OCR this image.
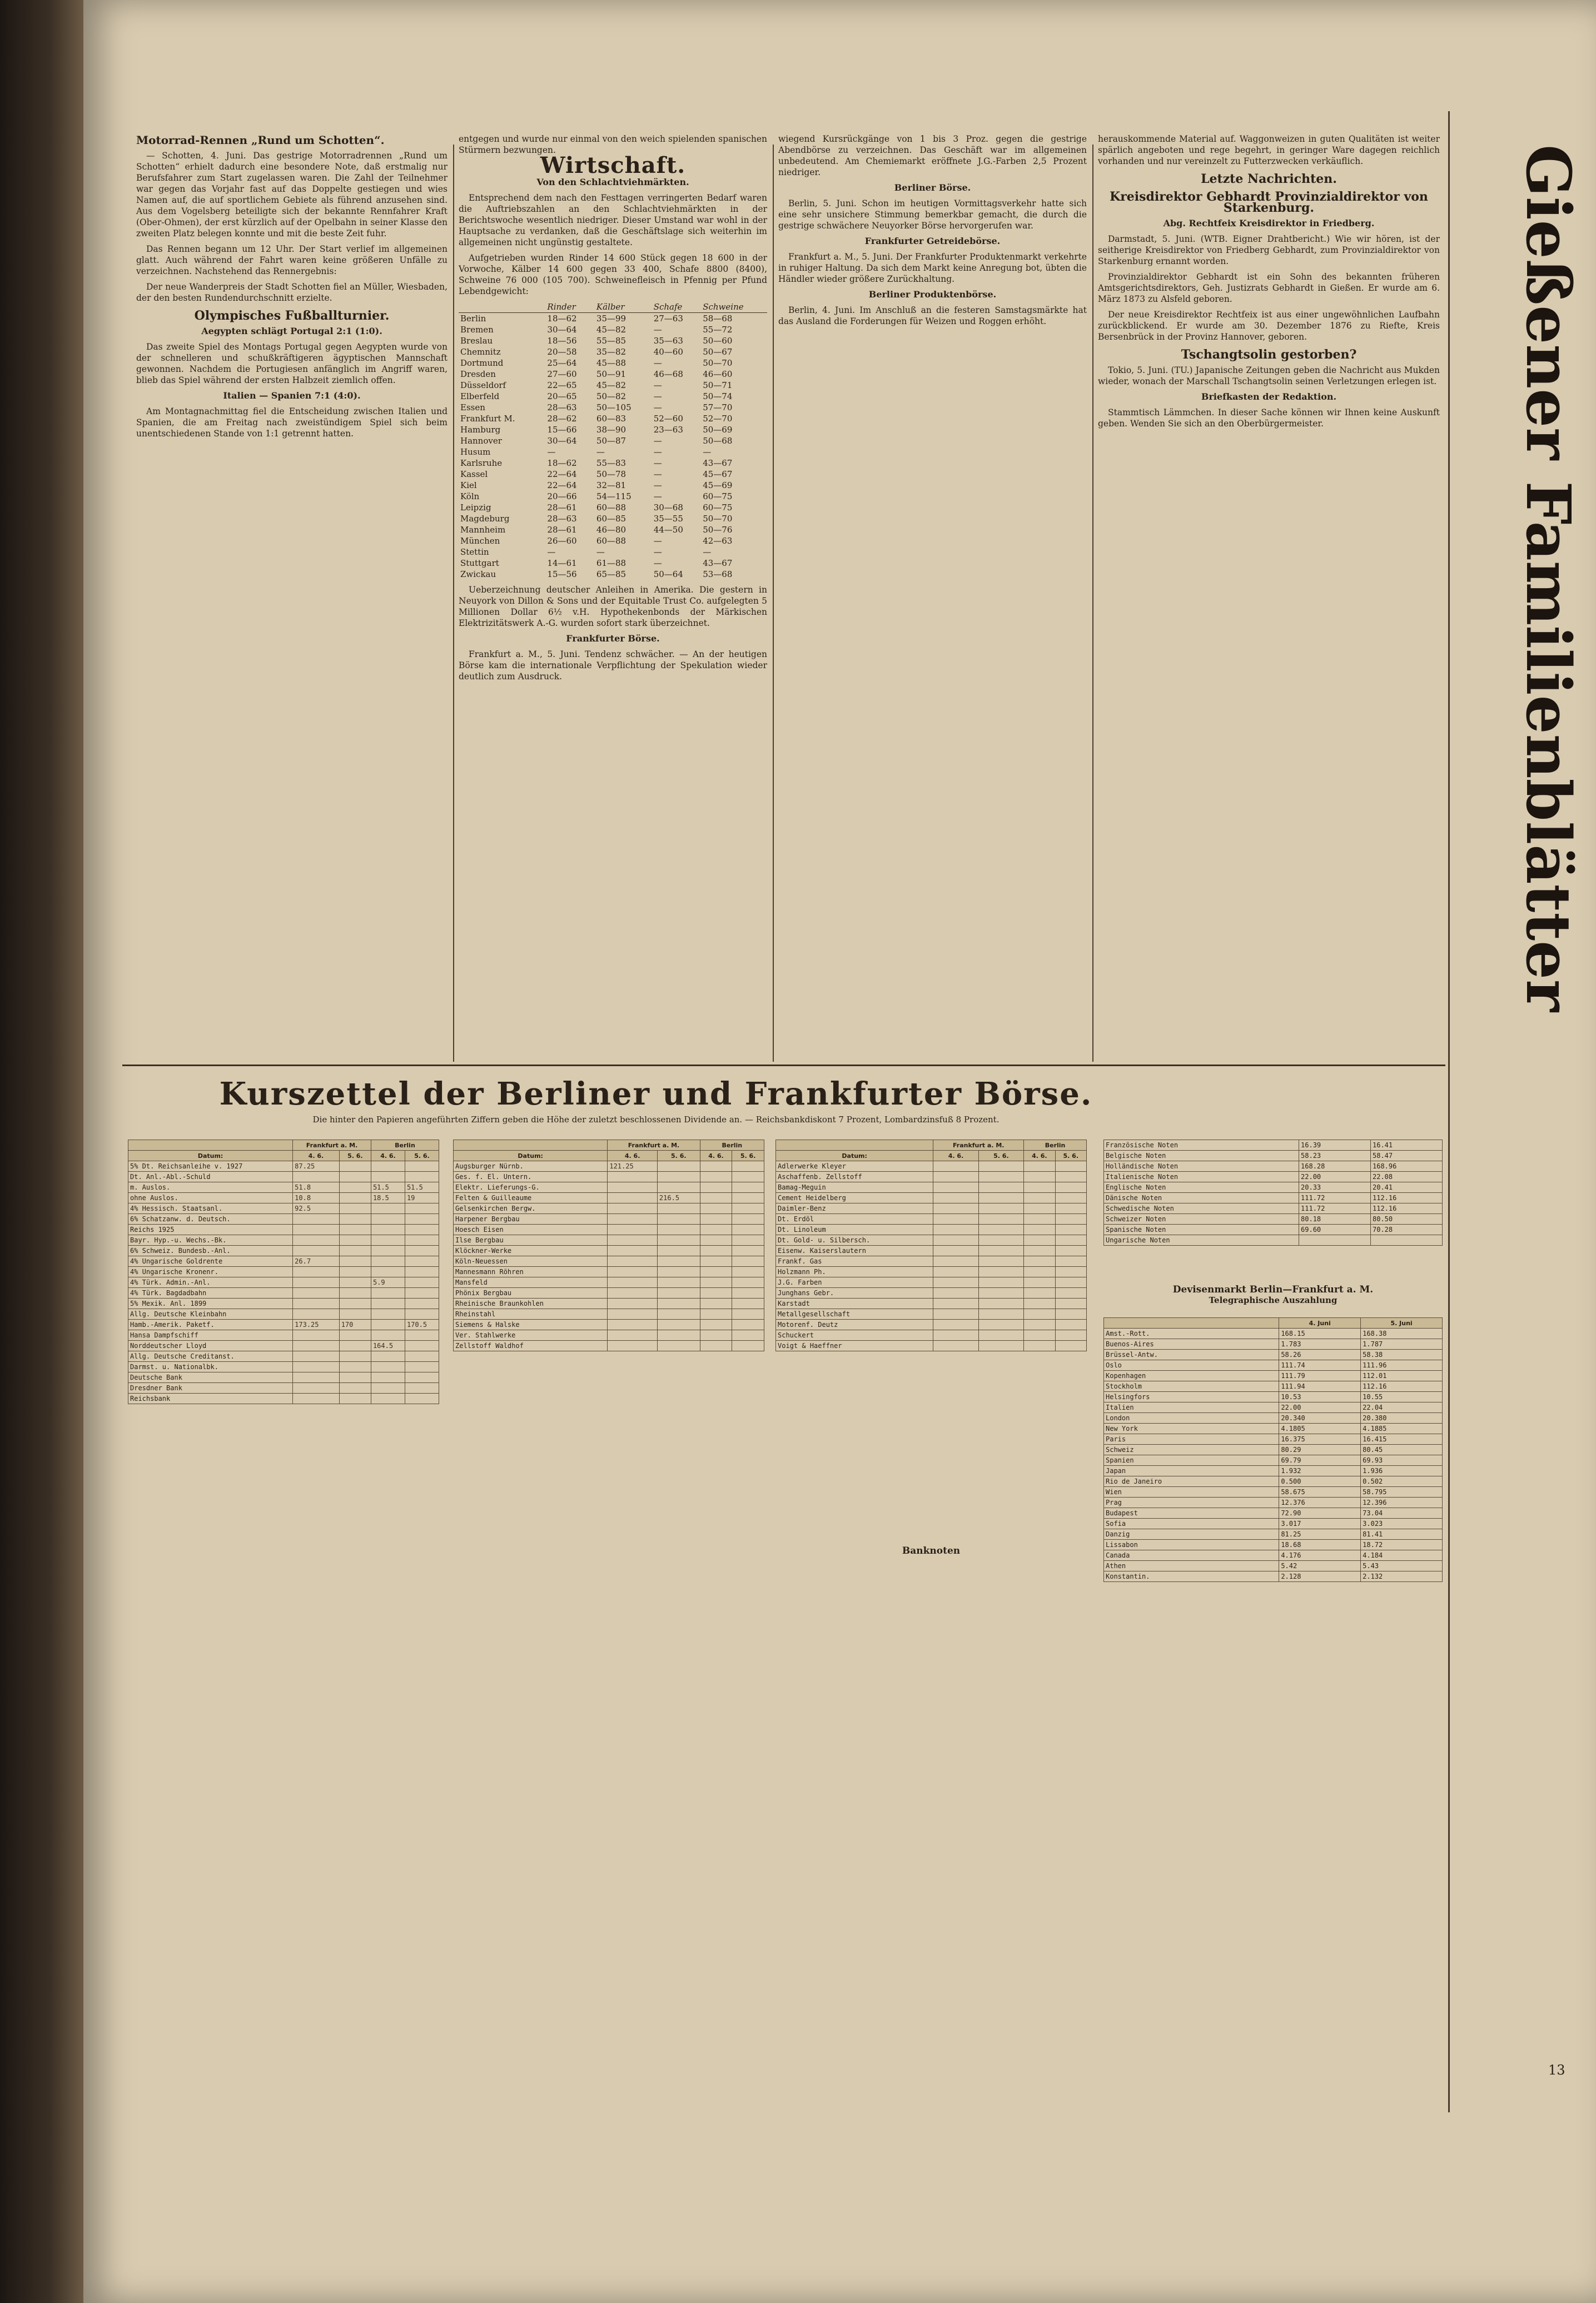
Motorrad-Rennen „Rund um Schotten“.

— Schotten, 4. Juni. Das gestrige Motorradrennen „Rund um Schotten“ erhielt dadurch eine besondere Note, daß erstmalig nur Berufsfahrer zum Start zugelassen waren. Die Zahl der Teilnehmer war gegen das Vorjahr fast auf das Doppelte gestiegen und wies Namen auf, die auf sportlichem Gebiete als führend anzusehen sind. Aus dem Vogelsberg beteiligte sich der bekannte Rennfahrer Kraft (Ober-Ohmen), der erst kürzlich auf der Opelbahn in seiner Klasse den zweiten Platz belegen konnte und mit die beste Zeit fuhr.

Das Rennen begann um 12 Uhr. Der Start verlief im allgemeinen glatt. Auch während der Fahrt waren keine größeren Unfälle zu verzeichnen. Nachstehend das Rennergebnis:

Der neue Wanderpreis der Stadt Schotten fiel an Müller, Wiesbaden, der den besten Rundendurchschnitt erzielte.

Olympisches Fußballturnier.
Aegypten schlägt Portugal 2:1 (1:0).

Das zweite Spiel des Montags Portugal gegen Aegypten wurde von der schnelleren und schußkräftigeren ägyptischen Mannschaft gewonnen. Nachdem die Portugiesen anfänglich im Angriff waren, blieb das Spiel während der ersten Halbzeit ziemlich offen.

Italien — Spanien 7:1 (4:0).

Am Montagnachmittag fiel die Entscheidung zwischen Italien und Spanien, die am Freitag nach zweistündigem Spiel sich beim unentschiedenen Stande von 1:1 getrennt hatten.

entgegen und wurde nur einmal von den weich spielenden spanischen Stürmern bezwungen.

Wirtschaft.
Von den Schlachtviehmärkten.

Entsprechend dem nach den Festtagen verringerten Bedarf waren die Auftriebszahlen an den Schlachtviehmärkten in der Berichtswoche wesentlich niedriger. Dieser Umstand war wohl in der Hauptsache zu verdanken, daß die Geschäftslage sich weiterhin im allgemeinen nicht ungünstig gestaltete.

Aufgetrieben wurden Rinder 14 600 Stück gegen 18 600 in der Vorwoche, Kälber 14 600 gegen 33 400, Schafe 8800 (8400), Schweine 76 000 (105 700). Schweinefleisch in Pfennig per Pfund Lebendgewicht:

	Rinder	Kälber	Schafe	Schweine
Berlin	18—62	35—99	27—63	58—68
Bremen	30—64	45—82	—	55—72
Breslau	18—56	55—85	35—63	50—60
Chemnitz	20—58	35—82	40—60	50—67
Dortmund	25—64	45—88	—	50—70
Dresden	27—60	50—91	46—68	46—60
Düsseldorf	22—65	45—82	—	50—71
Elberfeld	20—65	50—82	—	50—74
Essen	28—63	50—105	—	57—70
Frankfurt M.	28—62	60—83	52—60	52—70
Hamburg	15—66	38—90	23—63	50—69
Hannover	30—64	50—87	—	50—68
Husum	—	—	—	—
Karlsruhe	18—62	55—83	—	43—67
Kassel	22—64	50—78	—	45—67
Kiel	22—64	32—81	—	45—69
Köln	20—66	54—115	—	60—75
Leipzig	28—61	60—88	30—68	60—75
Magdeburg	28—63	60—85	35—55	50—70
Mannheim	28—61	46—80	44—50	50—76
München	26—60	60—88	—	42—63
Stettin	—	—	—	—
Stuttgart	14—61	61—88	—	43—67
Zwickau	15—56	65—85	50—64	53—68

Ueberzeichnung deutscher Anleihen in Amerika. Die gestern in Neuyork von Dillon & Sons und der Equitable Trust Co. aufgelegten 5 Millionen Dollar 6½ v.H. Hypothekenbonds der Märkischen Elektrizitätswerk A.-G. wurden sofort stark überzeichnet.

Frankfurter Börse.

Frankfurt a. M., 5. Juni. Tendenz schwächer. — An der heutigen Börse kam die internationale Verpflichtung der Spekulation wieder deutlich zum Ausdruck.

wiegend Kursrückgänge von 1 bis 3 Proz. gegen die gestrige Abendbörse zu verzeichnen. Das Geschäft war im allgemeinen unbedeutend. Am Chemiemarkt eröffnete J.G.-Farben 2,5 Prozent niedriger.

Berliner Börse.

Berlin, 5. Juni. Schon im heutigen Vormittagsverkehr hatte sich eine sehr unsichere Stimmung bemerkbar gemacht, die durch die gestrige schwächere Neuyorker Börse hervorgerufen war.

Frankfurter Getreidebörse.

Frankfurt a. M., 5. Juni. Der Frankfurter Produktenmarkt verkehrte in ruhiger Haltung. Da sich dem Markt keine Anregung bot, übten die Händler wieder größere Zurückhaltung.

Berliner Produktenbörse.

Berlin, 4. Juni. Im Anschluß an die festeren Samstagsmärkte hat das Ausland die Forderungen für Weizen und Roggen erhöht.

herauskommende Material auf. Waggonweizen in guten Qualitäten ist weiter spärlich angeboten und rege begehrt, in geringer Ware dagegen reichlich vorhanden und nur vereinzelt zu Futterzwecken verkäuflich.

Letzte Nachrichten.
Kreisdirektor Gebhardt Provinzialdirektor von Starkenburg.
Abg. Rechtfeix Kreisdirektor in Friedberg.

Darmstadt, 5. Juni. (WTB. Eigner Drahtbericht.) Wie wir hören, ist der seitherige Kreisdirektor von Friedberg Gebhardt, zum Provinzialdirektor von Starkenburg ernannt worden.

Provinzialdirektor Gebhardt ist ein Sohn des bekannten früheren Amtsgerichtsdirektors, Geh. Justizrats Gebhardt in Gießen. Er wurde am 6. März 1873 zu Alsfeld geboren.

Der neue Kreisdirektor Rechtfeix ist aus einer ungewöhnlichen Laufbahn zurückblickend. Er wurde am 30. Dezember 1876 zu Riefte, Kreis Bersenbrück in der Provinz Hannover, geboren.

Tschangtsolin gestorben?

Tokio, 5. Juni. (TU.) Japanische Zeitungen geben die Nachricht aus Mukden wieder, wonach der Marschall Tschangtsolin seinen Verletzungen erlegen ist.

Briefkasten der Redaktion.

Stammtisch Lämmchen. In dieser Sache können wir Ihnen keine Auskunft geben. Wenden Sie sich an den Oberbürgermeister.

Kurszettel der Berliner und Frankfurter Börse.
Die hinter den Papieren angeführten Ziffern geben die Höhe der zuletzt beschlossenen Dividende an. — Reichsbankdiskont 7 Prozent, Lombardzinsfuß 8 Prozent.
	Frankfurt a. M.		Berlin	
Datum:	4. 6.	5. 6.	4. 6.	5. 6.
5% Dt. Reichsanleihe v. 1927	87.25			
Dt. Anl.-Abl.-Schuld				
m. Auslos.	51.8		51.5	51.5
ohne Auslos.	10.8		18.5	19
4% Hessisch. Staatsanl.	92.5			
6% Schatzanw. d. Deutsch.				
Reichs 1925				
Bayr. Hyp.-u. Wechs.-Bk.				
6% Schweiz. Bundesb.-Anl.				
4% Ungarische Goldrente	26.7			
4% Ungarische Kronenr.				
4% Türk. Admin.-Anl.			5.9	
4% Türk. Bagdadbahn				
5% Mexik. Anl. 1899				
Allg. Deutsche Kleinbahn				
Hamb.-Amerik. Paketf.	173.25	170		170.5
Hansa Dampfschiff				
Norddeutscher Lloyd			164.5	
Allg. Deutsche Creditanst.				
Darmst. u. Nationalbk.				
Deutsche Bank				
Dresdner Bank				
Reichsbank				
	Frankfurt a. M.		Berlin	
Datum:	4. 6.	5. 6.	4. 6.	5. 6.
Augsburger Nürnb.	121.25			
Ges. f. El. Untern.				
Elektr. Lieferungs-G.				
Felten & Guilleaume		216.5		
Gelsenkirchen Bergw.				
Harpener Bergbau				
Hoesch Eisen				
Ilse Bergbau				
Klöckner-Werke				
Köln-Neuessen				
Mannesmann Röhren				
Mansfeld				
Phönix Bergbau				
Rheinische Braunkohlen				
Rheinstahl				
Siemens & Halske				
Ver. Stahlwerke				
Zellstoff Waldhof				
	Frankfurt a. M.		Berlin	
Datum:	4. 6.	5. 6.	4. 6.	5. 6.
Adlerwerke Kleyer				
Aschaffenb. Zellstoff				
Bamag-Meguin				
Cement Heidelberg				
Daimler-Benz				
Dt. Erdöl				
Dt. Linoleum				
Dt. Gold- u. Silbersch.				
Eisenw. Kaiserslautern				
Frankf. Gas				
Holzmann Ph.				
J.G. Farben				
Junghans Gebr.				
Karstadt				
Metallgesellschaft				
Motorenf. Deutz				
Schuckert				
Voigt & Haeffner				
Banknoten
Französische Noten	16.39	16.41
Belgische Noten	58.23	58.47
Holländische Noten	168.28	168.96
Italienische Noten	22.00	22.08
Englische Noten	20.33	20.41
Dänische Noten	111.72	112.16
Schwedische Noten	111.72	112.16
Schweizer Noten	80.18	80.50
Spanische Noten	69.60	70.28
Ungarische Noten		
Devisenmarkt Berlin—Frankfurt a. M.
Telegraphische Auszahlung
	4. Juni	5. Juni
Amst.-Rott.	168.15	168.38
Buenos-Aires	1.783	1.787
Brüssel-Antw.	58.26	58.38
Oslo	111.74	111.96
Kopenhagen	111.79	112.01
Stockholm	111.94	112.16
Helsingfors	10.53	10.55
Italien	22.00	22.04
London	20.340	20.380
New York	4.1805	4.1885
Paris	16.375	16.415
Schweiz	80.29	80.45
Spanien	69.79	69.93
Japan	1.932	1.936
Rio de Janeiro	0.500	0.502
Wien	58.675	58.795
Prag	12.376	12.396
Budapest	72.90	73.04
Sofia	3.017	3.023
Danzig	81.25	81.41
Lissabon	18.68	18.72
Canada	4.176	4.184
Athen	5.42	5.43
Konstantin.	2.128	2.132
Gießener Familienblätter
13
